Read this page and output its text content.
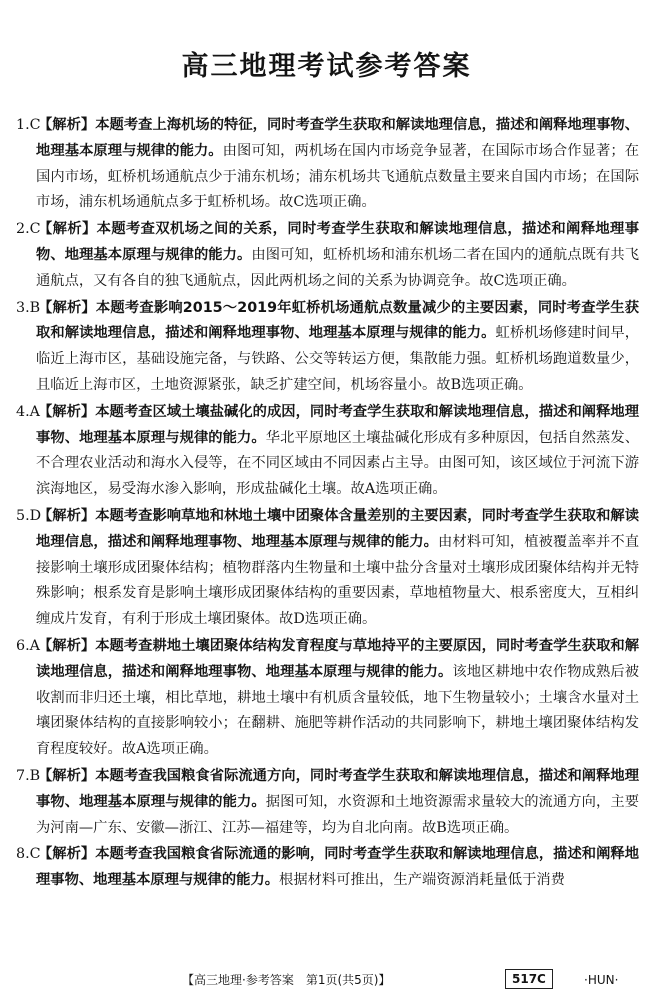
高三地理考试参考答案
1.C
【解析】本题考查上海机场的特征，同时考查学生获取和解读地理信息，描述和阐释地理事物、地理基本原理与规律的能力。由图可知，两机场在国内市场竞争显著，在国际市场合作显著；在国内市场，虹桥机场通航点少于浦东机场；浦东机场共飞通航点数量主要来自国内市场；在国际市场，浦东机场通航点多于虹桥机场。故C选项正确。
2.C
【解析】本题考查双机场之间的关系，同时考查学生获取和解读地理信息，描述和阐释地理事物、地理基本原理与规律的能力。由图可知，虹桥机场和浦东机场二者在国内的通航点既有共飞通航点，又有各自的独飞通航点，因此两机场之间的关系为协调竞争。故C选项正确。
3.B
【解析】本题考查影响2015～2019年虹桥机场通航点数量减少的主要因素，同时考查学生获取和解读地理信息，描述和阐释地理事物、地理基本原理与规律的能力。虹桥机场修建时间早，临近上海市区，基础设施完备，与铁路、公交等转运方便，集散能力强。虹桥机场跑道数量少，且临近上海市区，土地资源紧张，缺乏扩建空间，机场容量小。故B选项正确。
4.A
【解析】本题考查区域土壤盐碱化的成因，同时考查学生获取和解读地理信息，描述和阐释地理事物、地理基本原理与规律的能力。华北平原地区土壤盐碱化形成有多种原因，包括自然蒸发、不合理农业活动和海水入侵等，在不同区域由不同因素占主导。由图可知，该区域位于河流下游滨海地区，易受海水渗入影响，形成盐碱化土壤。故A选项正确。
5.D
【解析】本题考查影响草地和林地土壤中团聚体含量差别的主要因素，同时考查学生获取和解读地理信息，描述和阐释地理事物、地理基本原理与规律的能力。由材料可知，植被覆盖率并不直接影响土壤形成团聚体结构；植物群落内生物量和土壤中盐分含量对土壤形成团聚体结构并无特殊影响；根系发育是影响土壤形成团聚体结构的重要因素，草地植物量大、根系密度大，互相纠缠成片发育，有利于形成土壤团聚体。故D选项正确。
6.A
【解析】本题考查耕地土壤团聚体结构发育程度与草地持平的主要原因，同时考查学生获取和解读地理信息，描述和阐释地理事物、地理基本原理与规律的能力。该地区耕地中农作物成熟后被收割而非归还土壤，相比草地，耕地土壤中有机质含量较低，地下生物量较小；土壤含水量对土壤团聚体结构的直接影响较小；在翻耕、施肥等耕作活动的共同影响下，耕地土壤团聚体结构发育程度较好。故A选项正确。
7.B
【解析】本题考查我国粮食省际流通方向，同时考查学生获取和解读地理信息，描述和阐释地理事物、地理基本原理与规律的能力。据图可知，水资源和土地资源需求量较大的流通方向，主要为河南—广东、安徽—浙江、江苏—福建等，均为自北向南。故B选项正确。
8.C
【解析】本题考查我国粮食省际流通的影响，同时考查学生获取和解读地理信息，描述和阐释地理事物、地理基本原理与规律的能力。根据材料可推出，生产端资源消耗量低于消费
【高三地理·参考答案　第1页(共5页)】	517C	·HUN·
